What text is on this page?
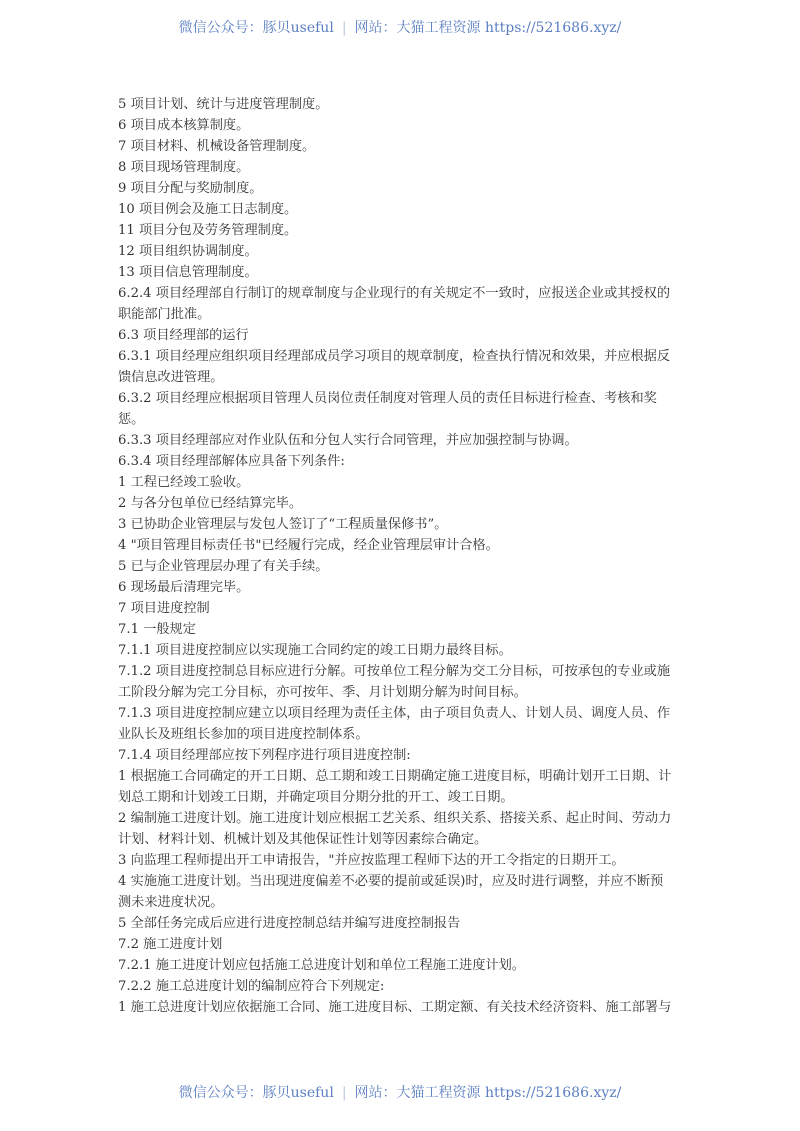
微信公众号：豚贝useful | 网站：大猫工程资源 https://521686.xyz/
5 项目计划、统计与进度管理制度。
6 项目成本核算制度。
7 项目材料、机械设备管理制度。
8 项目现场管理制度。
9 项目分配与奖励制度。
10 项目例会及施工日志制度。
11 项目分包及劳务管理制度。
12 项目组织协调制度。
13 项目信息管理制度。
6.2.4 项目经理部自行制订的规章制度与企业现行的有关规定不一致时，应报送企业或其授权的
职能部门批准。
6.3 项目经理部的运行
6.3.1 项目经理应组织项目经理部成员学习项目的规章制度，检查执行情况和效果，并应根据反
馈信息改进管理。
6.3.2 项目经理应根据项目管理人员岗位责任制度对管理人员的责任目标进行检查、考核和奖
惩。
6.3.3 项目经理部应对作业队伍和分包人实行合同管理，并应加强控制与协调。
6.3.4 项目经理部解体应具备下列条件:
1 工程已经竣工验收。
2 与各分包单位已经结算完毕。
3 已协助企业管理层与发包人签订了“工程质量保修书”。
4 "项目管理目标责任书"已经履行完成，经企业管理层审计合格。
5 已与企业管理层办理了有关手续。
6 现场最后清理完毕。
7 项目进度控制
7.1 一般规定
7.1.1 项目进度控制应以实现施工合同约定的竣工日期力最终目标。
7.1.2 项目进度控制总目标应进行分解。可按单位工程分解为交工分目标，可按承包的专业或施
工阶段分解为完工分目标，亦可按年、季、月计划期分解为时间目标。
7.1.3 项目进度控制应建立以项目经理为责任主体，由子项目负责人、计划人员、调度人员、作
业队长及班组长参加的项目进度控制体系。
7.1.4 项目经理部应按下列程序进行项目进度控制:
1 根据施工合同确定的开工日期、总工期和竣工日期确定施工进度目标，明确计划开工日期、计
划总工期和计划竣工日期，并确定项目分期分批的开工、竣工日期。
2 编制施工进度计划。施工进度计划应根据工艺关系、组织关系、搭接关系、起止时间、劳动力
计划、材料计划、机械计划及其他保证性计划等因素综合确定。
3 向监理工程师提出开工申请报告，"并应按监理工程师下达的开工令指定的日期开工。
4 实施施工进度计划。当出现进度偏差不必要的提前或延误)时，应及时进行调整，并应不断预
测未来进度状况。
5 全部任务完成后应进行进度控制总结并编写进度控制报告
7.2 施工进度计划
7.2.1 施工进度计划应包括施工总进度计划和单位工程施工进度计划。
7.2.2 施工总进度计划的编制应符合下列规定:
1 施工总进度计划应依据施工合同、施工进度目标、工期定额、有关技术经济资料、施工部署与
微信公众号：豚贝useful | 网站：大猫工程资源 https://521686.xyz/
